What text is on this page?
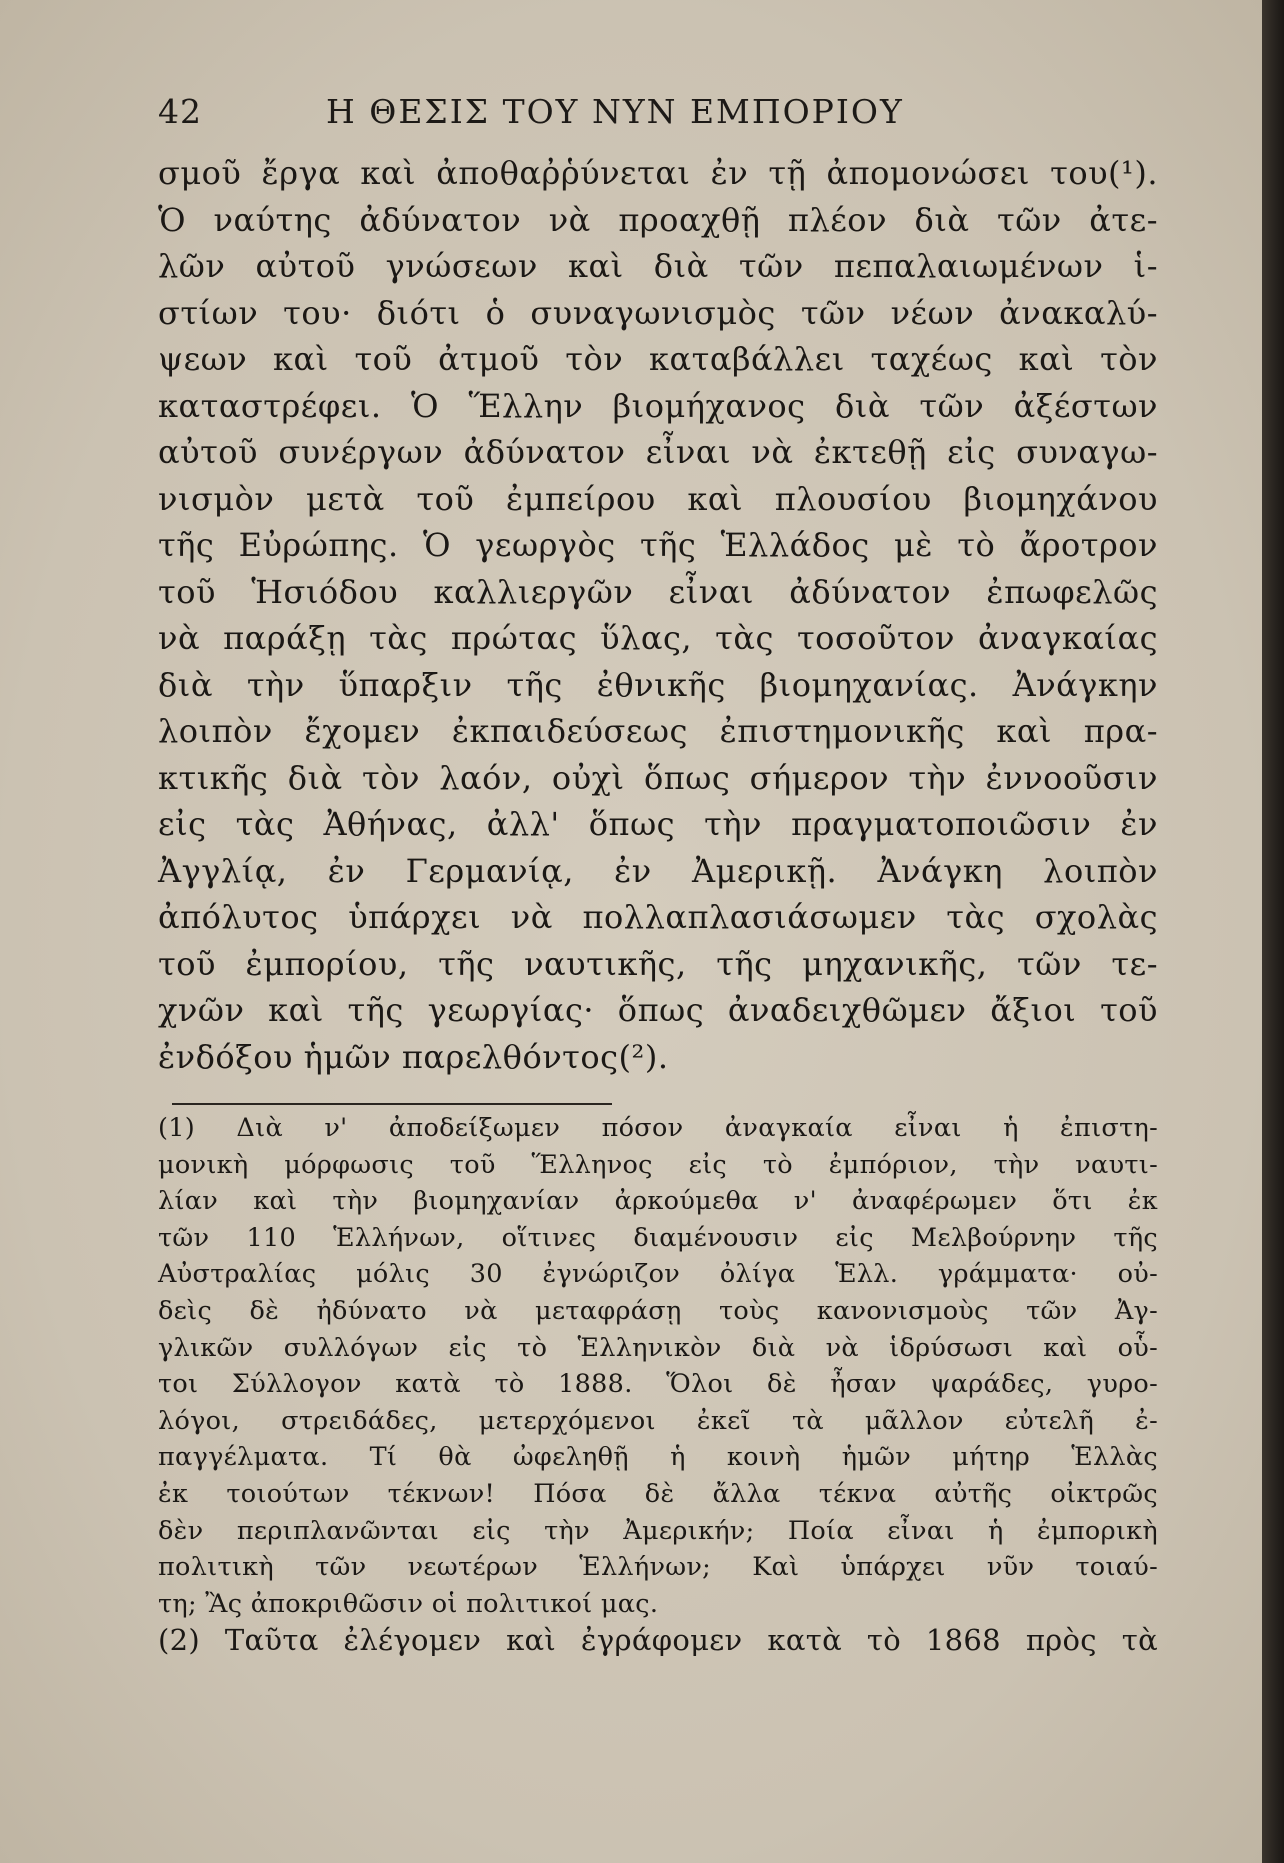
42	Η ΘΕΣΙΣ ΤΟΥ ΝΥΝ ΕΜΠΟΡΙΟΥ
σμοῦ ἔργα καὶ ἀποθαῤῥύνεται ἐν τῇ ἀπομονώσει του(¹).
Ὁ ναύτης ἀδύνατον νὰ προαχθῇ πλέον διὰ τῶν ἀτε-
λῶν αὐτοῦ γνώσεων καὶ διὰ τῶν πεπαλαιωμένων ἱ-
στίων του· διότι ὁ συναγωνισμὸς τῶν νέων ἀνακαλύ-
ψεων καὶ τοῦ ἀτμοῦ τὸν καταβάλλει ταχέως καὶ τὸν
καταστρέφει. Ὁ Ἕλλην βιομήχανος διὰ τῶν ἀξέστων
αὐτοῦ συνέργων ἀδύνατον εἶναι νὰ ἐκτεθῇ εἰς συναγω-
νισμὸν μετὰ τοῦ ἐμπείρου καὶ πλουσίου βιομηχάνου
τῆς Εὐρώπης. Ὁ γεωργὸς τῆς Ἑλλάδος μὲ τὸ ἄροτρον
τοῦ Ἡσιόδου καλλιεργῶν εἶναι ἀδύνατον ἐπωφελῶς
νὰ παράξῃ τὰς πρώτας ὕλας, τὰς τοσοῦτον ἀναγκαίας
διὰ τὴν ὕπαρξιν τῆς ἐθνικῆς βιομηχανίας. Ἀνάγκην
λοιπὸν ἔχομεν ἐκπαιδεύσεως ἐπιστημονικῆς καὶ πρα-
κτικῆς διὰ τὸν λαόν, οὐχὶ ὅπως σήμερον τὴν ἐννοοῦσιν
εἰς τὰς Ἀθήνας, ἀλλ' ὅπως τὴν πραγματοποιῶσιν ἐν
Ἀγγλίᾳ, ἐν Γερμανίᾳ, ἐν Ἀμερικῇ. Ἀνάγκη λοιπὸν
ἀπόλυτος ὑπάρχει νὰ πολλαπλασιάσωμεν τὰς σχολὰς
τοῦ ἐμπορίου, τῆς ναυτικῆς, τῆς μηχανικῆς, τῶν τε-
χνῶν καὶ τῆς γεωργίας· ὅπως ἀναδειχθῶμεν ἄξιοι τοῦ
ἐνδόξου ἡμῶν παρελθόντος(²).
(1) Διὰ ν' ἀποδείξωμεν πόσον ἀναγκαία εἶναι ἡ ἐπιστη-
μονικὴ μόρφωσις τοῦ Ἕλληνος εἰς τὸ ἐμπόριον, τὴν ναυτι-
λίαν καὶ τὴν βιομηχανίαν ἀρκούμεθα ν' ἀναφέρωμεν ὅτι ἐκ
τῶν 110 Ἑλλήνων, οἵτινες διαμένουσιν εἰς Μελβούρνην τῆς
Αὐστραλίας μόλις 30 ἐγνώριζον ὀλίγα Ἑλλ. γράμματα· οὐ-
δεὶς δὲ ἠδύνατο νὰ μεταφράσῃ τοὺς κανονισμοὺς τῶν Ἀγ-
γλικῶν συλλόγων εἰς τὸ Ἑλληνικὸν διὰ νὰ ἱδρύσωσι καὶ οὗ-
τοι Σύλλογον κατὰ τὸ 1888. Ὅλοι δὲ ἦσαν ψαράδες, γυρο-
λόγοι, στρειδάδες, μετερχόμενοι ἐκεῖ τὰ μᾶλλον εὐτελῆ ἐ-
παγγέλματα. Τί θὰ ὠφεληθῇ ἡ κοινὴ ἡμῶν μήτηρ Ἑλλὰς
ἐκ τοιούτων τέκνων! Πόσα δὲ ἄλλα τέκνα αὐτῆς οἰκτρῶς
δὲν περιπλανῶνται εἰς τὴν Ἀμερικήν; Ποία εἶναι ἡ ἐμπορικὴ
πολιτικὴ τῶν νεωτέρων Ἑλλήνων; Καὶ ὑπάρχει νῦν τοιαύ-
τη; Ἂς ἀποκριθῶσιν οἱ πολιτικοί μας.
(2) Ταῦτα ἐλέγομεν καὶ ἐγράφομεν κατὰ τὸ 1868 πρὸς τὰ
